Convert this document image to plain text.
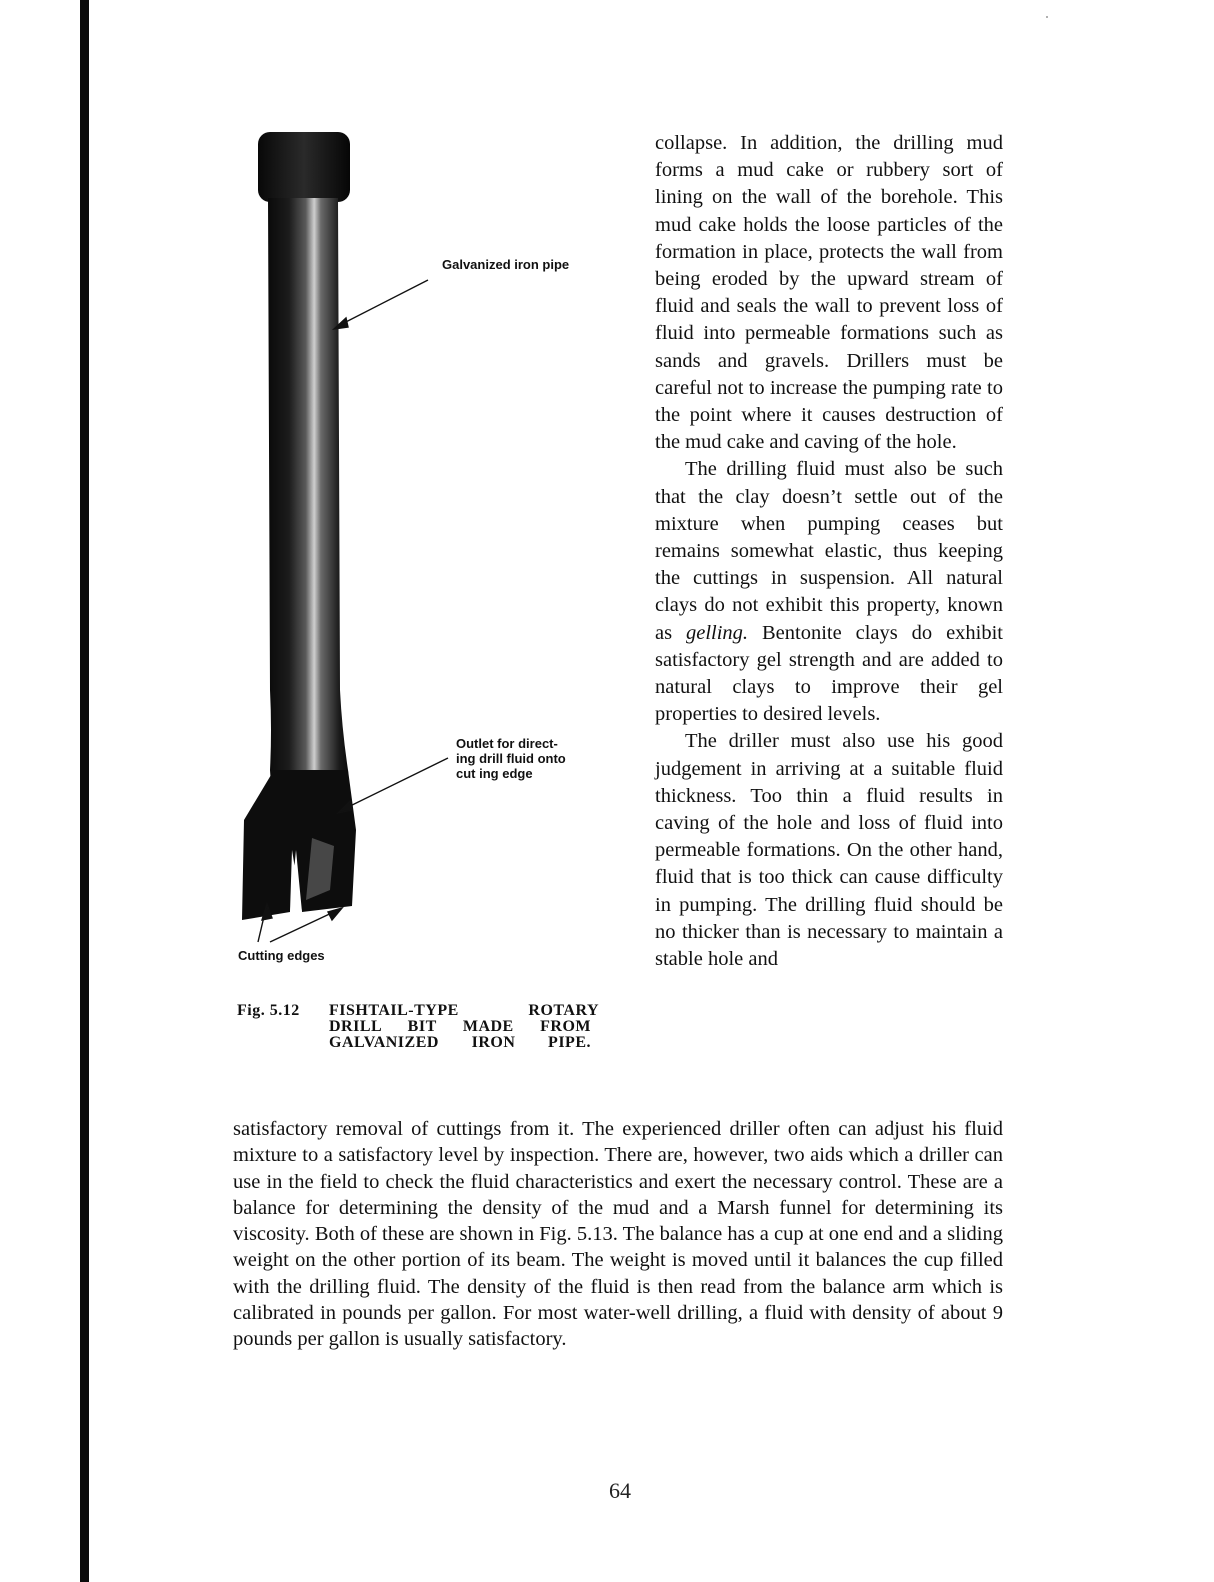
Galvanized iron pipe
Outlet for direct-
ing drill fluid onto
cut ing edge
Cutting edges
Fig. 5.12 FISHTAIL-TYPE ROTARY
DRILL BIT MADE FROM
GALVANIZED IRON PIPE.

collapse. In addition, the drilling mud forms a mud cake or rubbery sort of lining on the wall of the borehole. This mud cake holds the loose particles of the formation in place, protects the wall from being eroded by the upward stream of fluid and seals the wall to prevent loss of fluid into permeable formations such as sands and gravels. Drillers must be careful not to increase the pumping rate to the point where it causes destruction of the mud cake and caving of the hole.

The drilling fluid must also be such that the clay doesn’t settle out of the mixture when pumping ceases but remains somewhat elastic, thus keeping the cuttings in suspension. All natural clays do not exhibit this property, known as gelling. Bentonite clays do exhibit satisfactory gel strength and are added to natural clays to improve their gel properties to desired levels.

The driller must also use his good judgement in arriving at a suitable fluid thickness. Too thin a fluid results in caving of the hole and loss of fluid into permeable formations. On the other hand, fluid that is too thick can cause difficulty in pumping. The drilling fluid should be no thicker than is necessary to maintain a stable hole and

satisfactory removal of cuttings from it. The experienced driller often can adjust his fluid mixture to a satisfactory level by inspection. There are, however, two aids which a driller can use in the field to check the fluid characteristics and exert the necessary control. These are a balance for determining the density of the mud and a Marsh funnel for determining its viscosity. Both of these are shown in Fig. 5.13. The balance has a cup at one end and a sliding weight on the other portion of its beam. The weight is moved until it balances the cup filled with the drilling fluid. The density of the fluid is then read from the balance arm which is calibrated in pounds per gallon. For most water-well drilling, a fluid with density of about 9 pounds per gallon is usually satisfactory.
64
